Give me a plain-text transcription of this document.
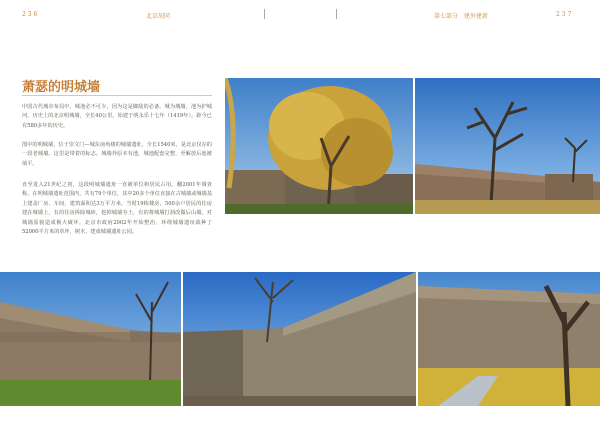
2 3 6	北京胡同	第七部分　建外建新	2 3 7
萧瑟的明城墙
中国古代城市布局中，城池必不可少，因为这是御敌的必备。城为城墙，池为护城河。历史上的北京明城墙，全长40公里。始建于明永乐十七年（1419年），距今已有580多年的历史。
图中的明城墙，位于崇文门—城东南角楼的城墙遗址，全长1540米，是北京仅存的一段老城墙。这里是带着的标志。城墙外原本有池，城池配套完整，至解放后池被填平。
直至进入21世纪之初，这段明城墙遗址一直被单位和居民占用。翻2001年调查称，在明城墙遗址范围内，共有79个单位，其中20多个单位直接在古城墙或城墙基上建盖厂房、车间，建筑面积达3万平方米。当时19栋楼房，500余户居民的住房建在城墙上，有的住房拆除城砖，挖掉城墙夯土，有的将城墙打洞改做后山墙，对城墙原貌造成极大破坏。北京市政府2002年开始整治，环绕城墙遗址栽种了52000平方米的草坪、树木，建成城墙遗址公园。
